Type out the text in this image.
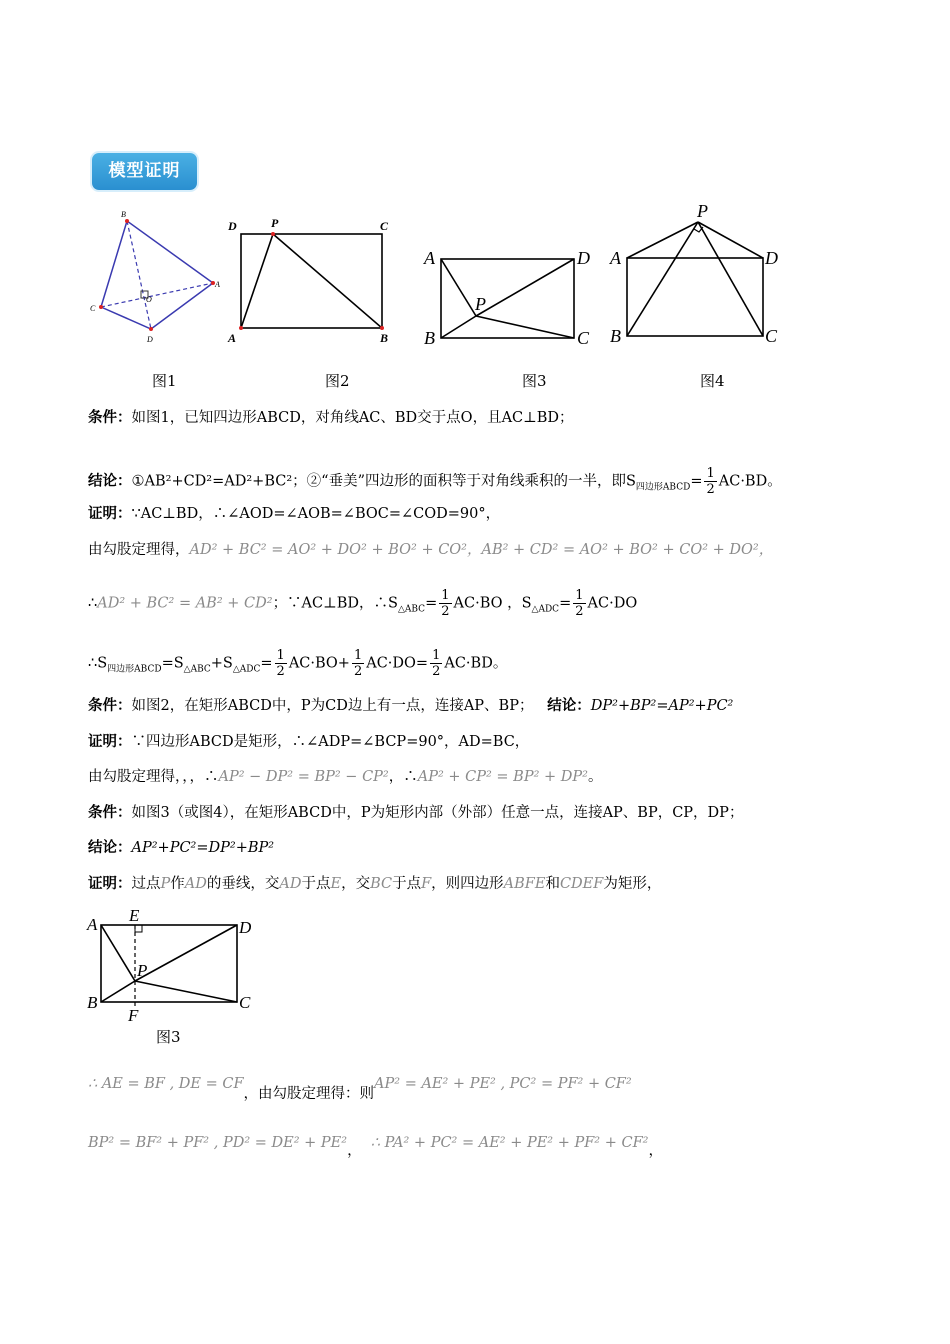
模型证明
B
A
C
D
O
D	P	C
A	B
A	D
P
B	C
P
A	D
B	C
图1	图2	图3	图4
条件：如图1，已知四边形ABCD，对角线AC、BD交于点O，且AC⊥BD；
结论：①AB²+CD²=AD²+BC²；②“垂美”四边形的面积等于对角线乘积的一半，即$S_{四边形ABCD}= \frac{1}{2} AC\cdot BD$。
证明：∵AC⊥BD，∴∠AOD=∠AOB=∠BOC=∠COD=90°，
由勾股定理得，AD² + BC² = AO² + DO² + BO² + CO²，AB² + CD² = AO² + BO² + CO² + DO²，
∴AD² + BC² = AB² + CD²；∵AC⊥BD，$\therefore S_{\triangle ABC}= \frac{1}{2} AC\cdot BO$ ，$S_{\triangle ADC}= \frac{1}{2} AC\cdot DO$
$\therefore S_{四边形ABCD}=S_{\triangle ABC}+S_{\triangle ADC}= \frac{1}{2} AC\cdot BO+ \frac{1}{2} AC\cdot DO= \frac{1}{2} AC\cdot BD$。
条件：如图2，在矩形ABCD中，P为CD边上有一点，连接AP、BP； 结论：DP²+BP²=AP²+PC²
证明：∵四边形ABCD是矩形，∴∠ADP=∠BCP=90°，AD=BC，
由勾股定理得，，，∴AP² − DP² = BP² − CP²，∴AP² + CP² = BP² + DP²。
条件：如图3（或图4），在矩形ABCD中，P为矩形内部（外部）任意一点，连接AP、BP，CP，DP；
结论：AP²+PC²=DP²+BP²
证明：过点P作AD的垂线，交AD于点E，交BC于点F，则四边形ABFE和CDEF为矩形，
A E
D
P
B
F
C
图3
∴ AE = BF , DE = CF，由勾股定理得：则AP² = AE² + PE² , PC² = PF² + CF²
BP² = BF² + PF² , PD² = DE² + PE²， ∴ PA² + PC² = AE² + PE² + PF² + CF²，
